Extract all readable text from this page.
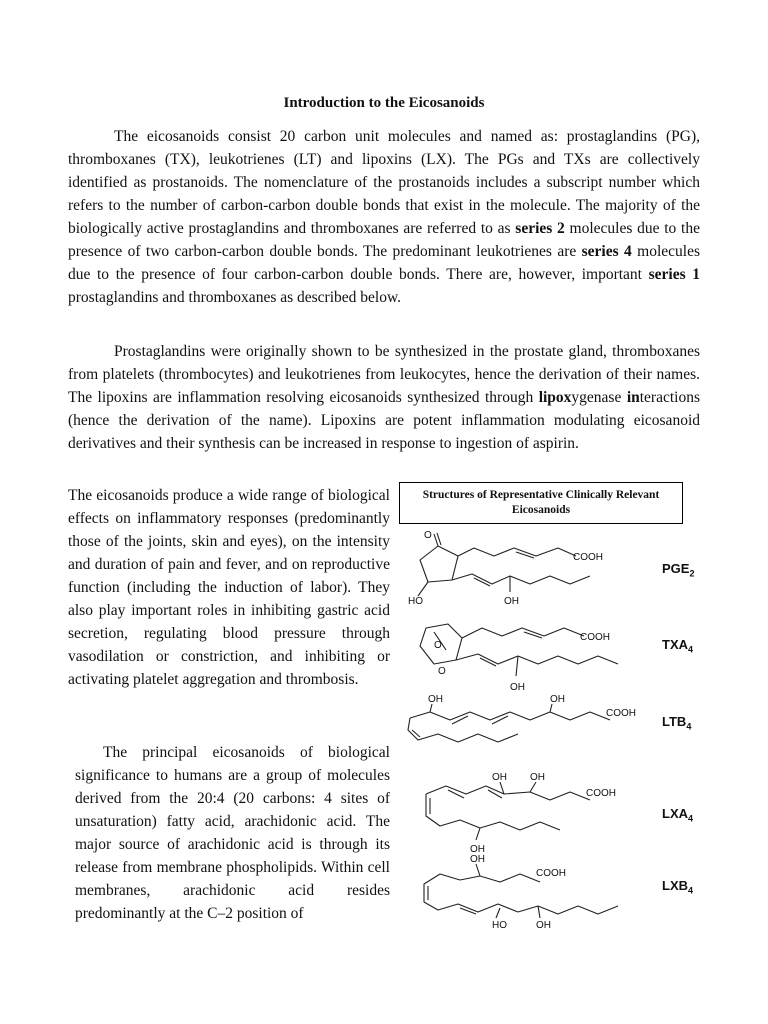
Introduction to the Eicosanoids

The eicosanoids consist 20 carbon unit molecules and named as: prostaglandins (PG), thromboxanes (TX), leukotrienes (LT) and lipoxins (LX). The PGs and TXs are collectively identified as prostanoids. The nomenclature of the prostanoids includes a subscript number which refers to the number of carbon-carbon double bonds that exist in the molecule. The majority of the biologically active prostaglandins and thromboxanes are referred to as series 2 molecules due to the presence of two carbon-carbon double bonds. The predominant leukotrienes are series 4 molecules due to the presence of four carbon-carbon double bonds. There are, however, important series 1 prostaglandins and thromboxanes as described below.

Prostaglandins were originally shown to be synthesized in the prostate gland, thromboxanes from platelets (thrombocytes) and leukotrienes from leukocytes, hence the derivation of their names. The lipoxins are inflammation resolving eicosanoids synthesized through lipoxygenase interactions (hence the derivation of the name). Lipoxins are potent inflammation modulating eicosanoid derivatives and their synthesis can be increased in response to ingestion of aspirin.

The eicosanoids produce a wide range of biological effects on inflammatory responses (predominantly those of the joints, skin and eyes), on the intensity and duration of pain and fever, and on reproductive function (including the induction of labor). They also play important roles in inhibiting gastric acid secretion, regulating blood pressure through vasodilation or constriction, and inhibiting or activating platelet aggregation and thrombosis.

The principal eicosanoids of biological significance to humans are a group of molecules derived from the 20:4 (20 carbons: 4 sites of unsaturation) fatty acid, arachidonic acid. The major source of arachidonic acid is through its release from membrane phospholipids. Within cell membranes, arachidonic acid resides predominantly at the C–2 position of

Structures of Representative Clinically Relevant Eicosanoids
O
COOH
HO	OH
$PGE_2$
O
O
COOH
OH
$TXA_4$
OH	OH
COOH
$LTB_4$
OH OH
COOH
OH
$LXA_4$
OH
COOH
HO	OH
$LXB_4$
